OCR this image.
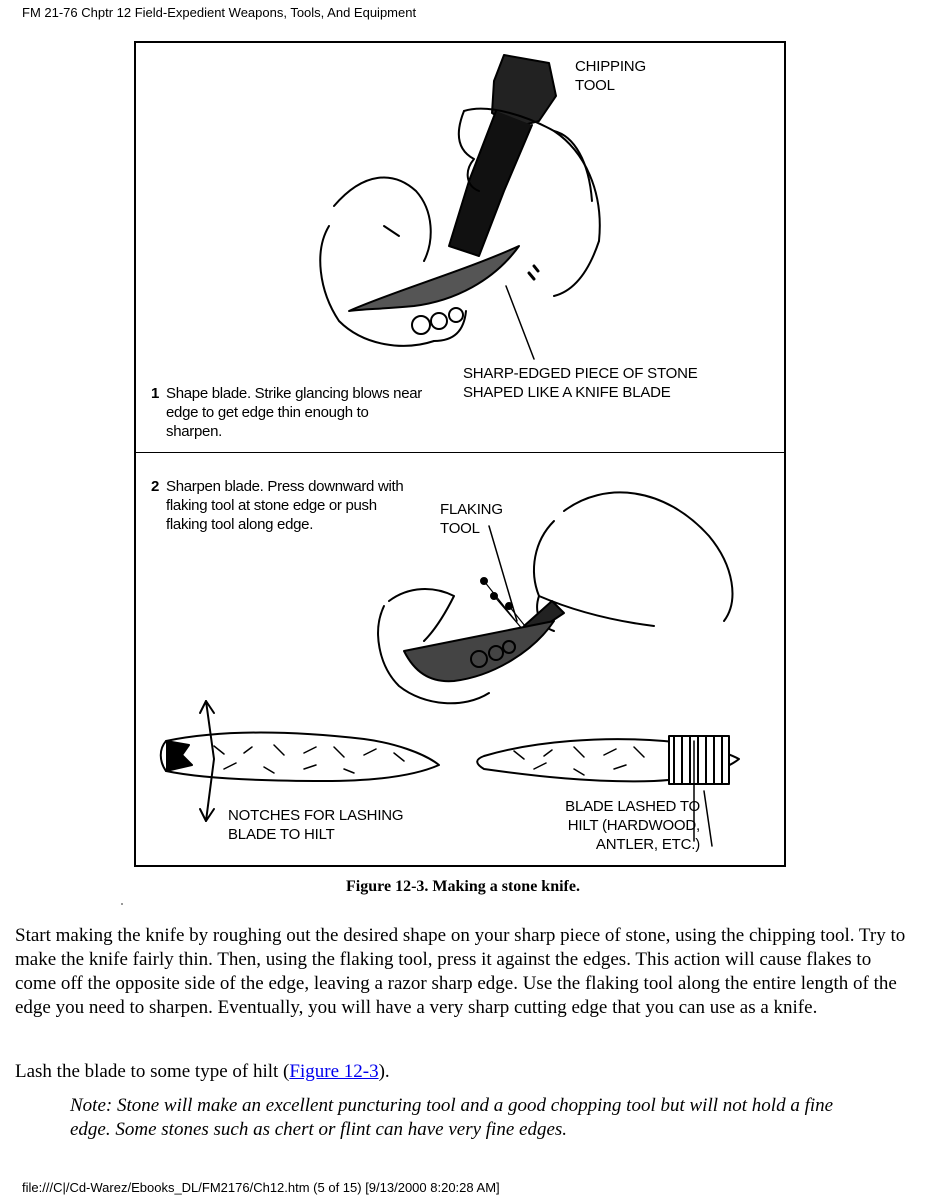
FM 21-76 Chptr 12 Field-Expedient Weapons, Tools, And Equipment
CHIPPING
TOOL
SHARP-EDGED PIECE OF STONE
SHAPED LIKE A KNIFE BLADE
1 Shape blade. Strike glancing blows near edge to get edge thin enough to sharpen.
2 Sharpen blade. Press downward with flaking tool at stone edge or push flaking tool along edge.
FLAKING
TOOL
NOTCHES FOR LASHING
BLADE TO HILT
BLADE LASHED TO
HILT (HARDWOOD,
ANTLER, ETC.)
Figure 12-3. Making a stone knife.
Start making the knife by roughing out the desired shape on your sharp piece of stone, using the chipping tool. Try to make the knife fairly thin. Then, using the flaking tool, press it against the edges. This action will cause flakes to come off the opposite side of the edge, leaving a razor sharp edge. Use the flaking tool along the entire length of the edge you need to sharpen. Eventually, you will have a very sharp cutting edge that you can use as a knife.
Lash the blade to some type of hilt (Figure 12-3).
Note: Stone will make an excellent puncturing tool and a good chopping tool but will not hold a fine edge. Some stones such as chert or flint can have very fine edges.
file:///C|/Cd-Warez/Ebooks_DL/FM2176/Ch12.htm (5 of 15) [9/13/2000 8:20:28 AM]
